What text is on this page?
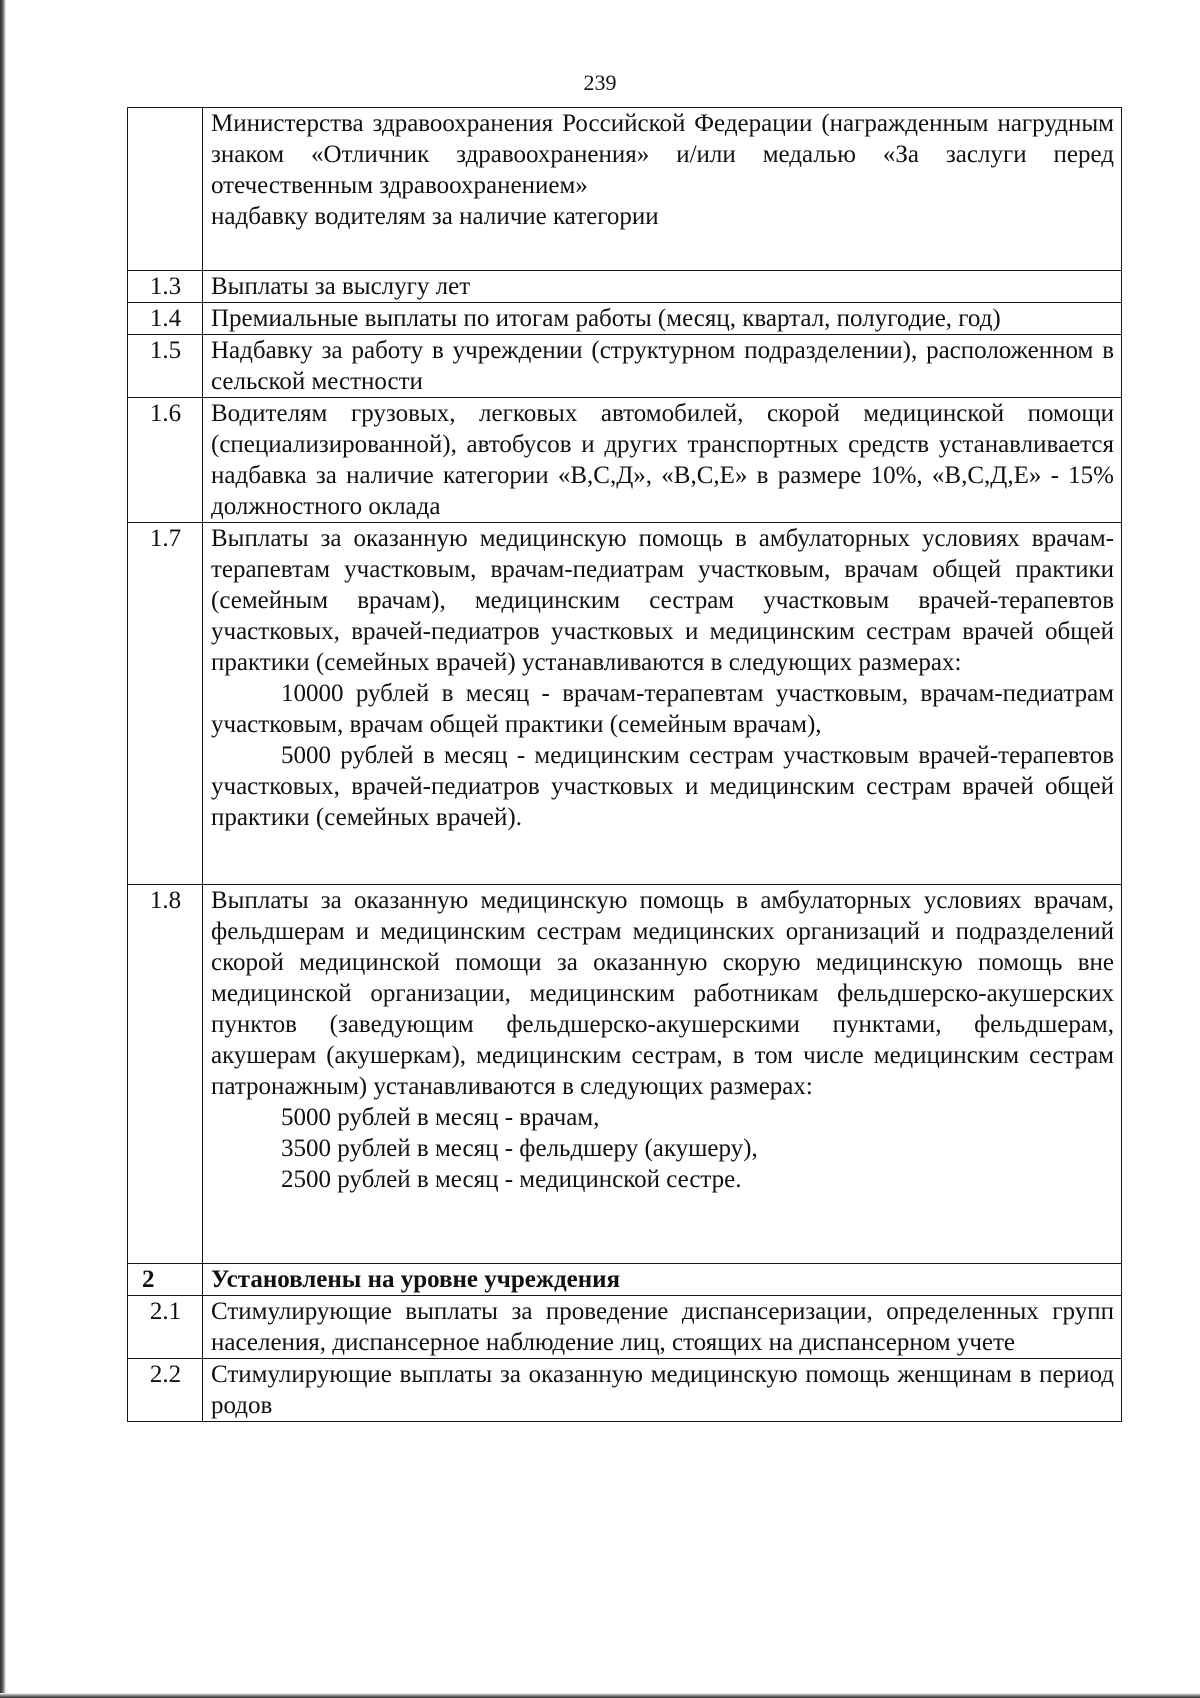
239

	Министерства здравоохранения Российской Федерации (награжденным нагрудным знаком «Отличник здравоохранения» и/или медалью «За заслуги перед отечественным здравоохранением»
надбавку водителям за наличие категории

1.3	Выплаты за выслугу лет
1.4	Премиальные выплаты по итогам работы (месяц, квартал, полугодие, год)
1.5	Надбавку за работу в учреждении (структурном подразделении), расположенном в сельской местности
1.6	Водителям грузовых, легковых автомобилей, скорой медицинской помощи (специализированной), автобусов и других транспортных средств устанавливается надбавка за наличие категории «В,С,Д», «В,С,Е» в размере 10%, «В,С,Д,Е» - 15% должностного оклада
1.7	Выплаты за оказанную медицинскую помощь в амбулаторных условиях врачам-терапевтам участковым, врачам-педиатрам участковым, врачам общей практики (семейным врачам), медицинским сестрам участковым врачей-терапевтов участковых, врачей-педиатров участковых и медицинским сестрам врачей общей практики (семейных врачей) устанавливаются в следующих размерах:
10000 рублей в месяц - врачам-терапевтам участковым, врачам-педиатрам участковым, врачам общей практики (семейным врачам),
5000 рублей в месяц - медицинским сестрам участковым врачей-терапевтов участковых, врачей-педиатров участковых и медицинским сестрам врачей общей практики (семейных врачей).

1.8	Выплаты за оказанную медицинскую помощь в амбулаторных условиях врачам, фельдшерам и медицинским сестрам медицинских организаций и подразделений скорой медицинской помощи за оказанную скорую медицинскую помощь вне медицинской организации, медицинским работникам фельдшерско-акушерских пунктов (заведующим фельдшерско-акушерскими пунктами, фельдшерам, акушерам (акушеркам), медицинским сестрам, в том числе медицинским сестрам патронажным) устанавливаются в следующих размерах:
5000 рублей в месяц - врачам,
3500 рублей в месяц - фельдшеру (акушеру),
2500 рублей в месяц - медицинской сестре.

2	Установлены на уровне учреждения
2.1	Стимулирующие выплаты за проведение диспансеризации, определенных групп населения, диспансерное наблюдение лиц, стоящих на диспансерном учете
2.2	Стимулирующие выплаты за оказанную медицинскую помощь женщинам в период родов
